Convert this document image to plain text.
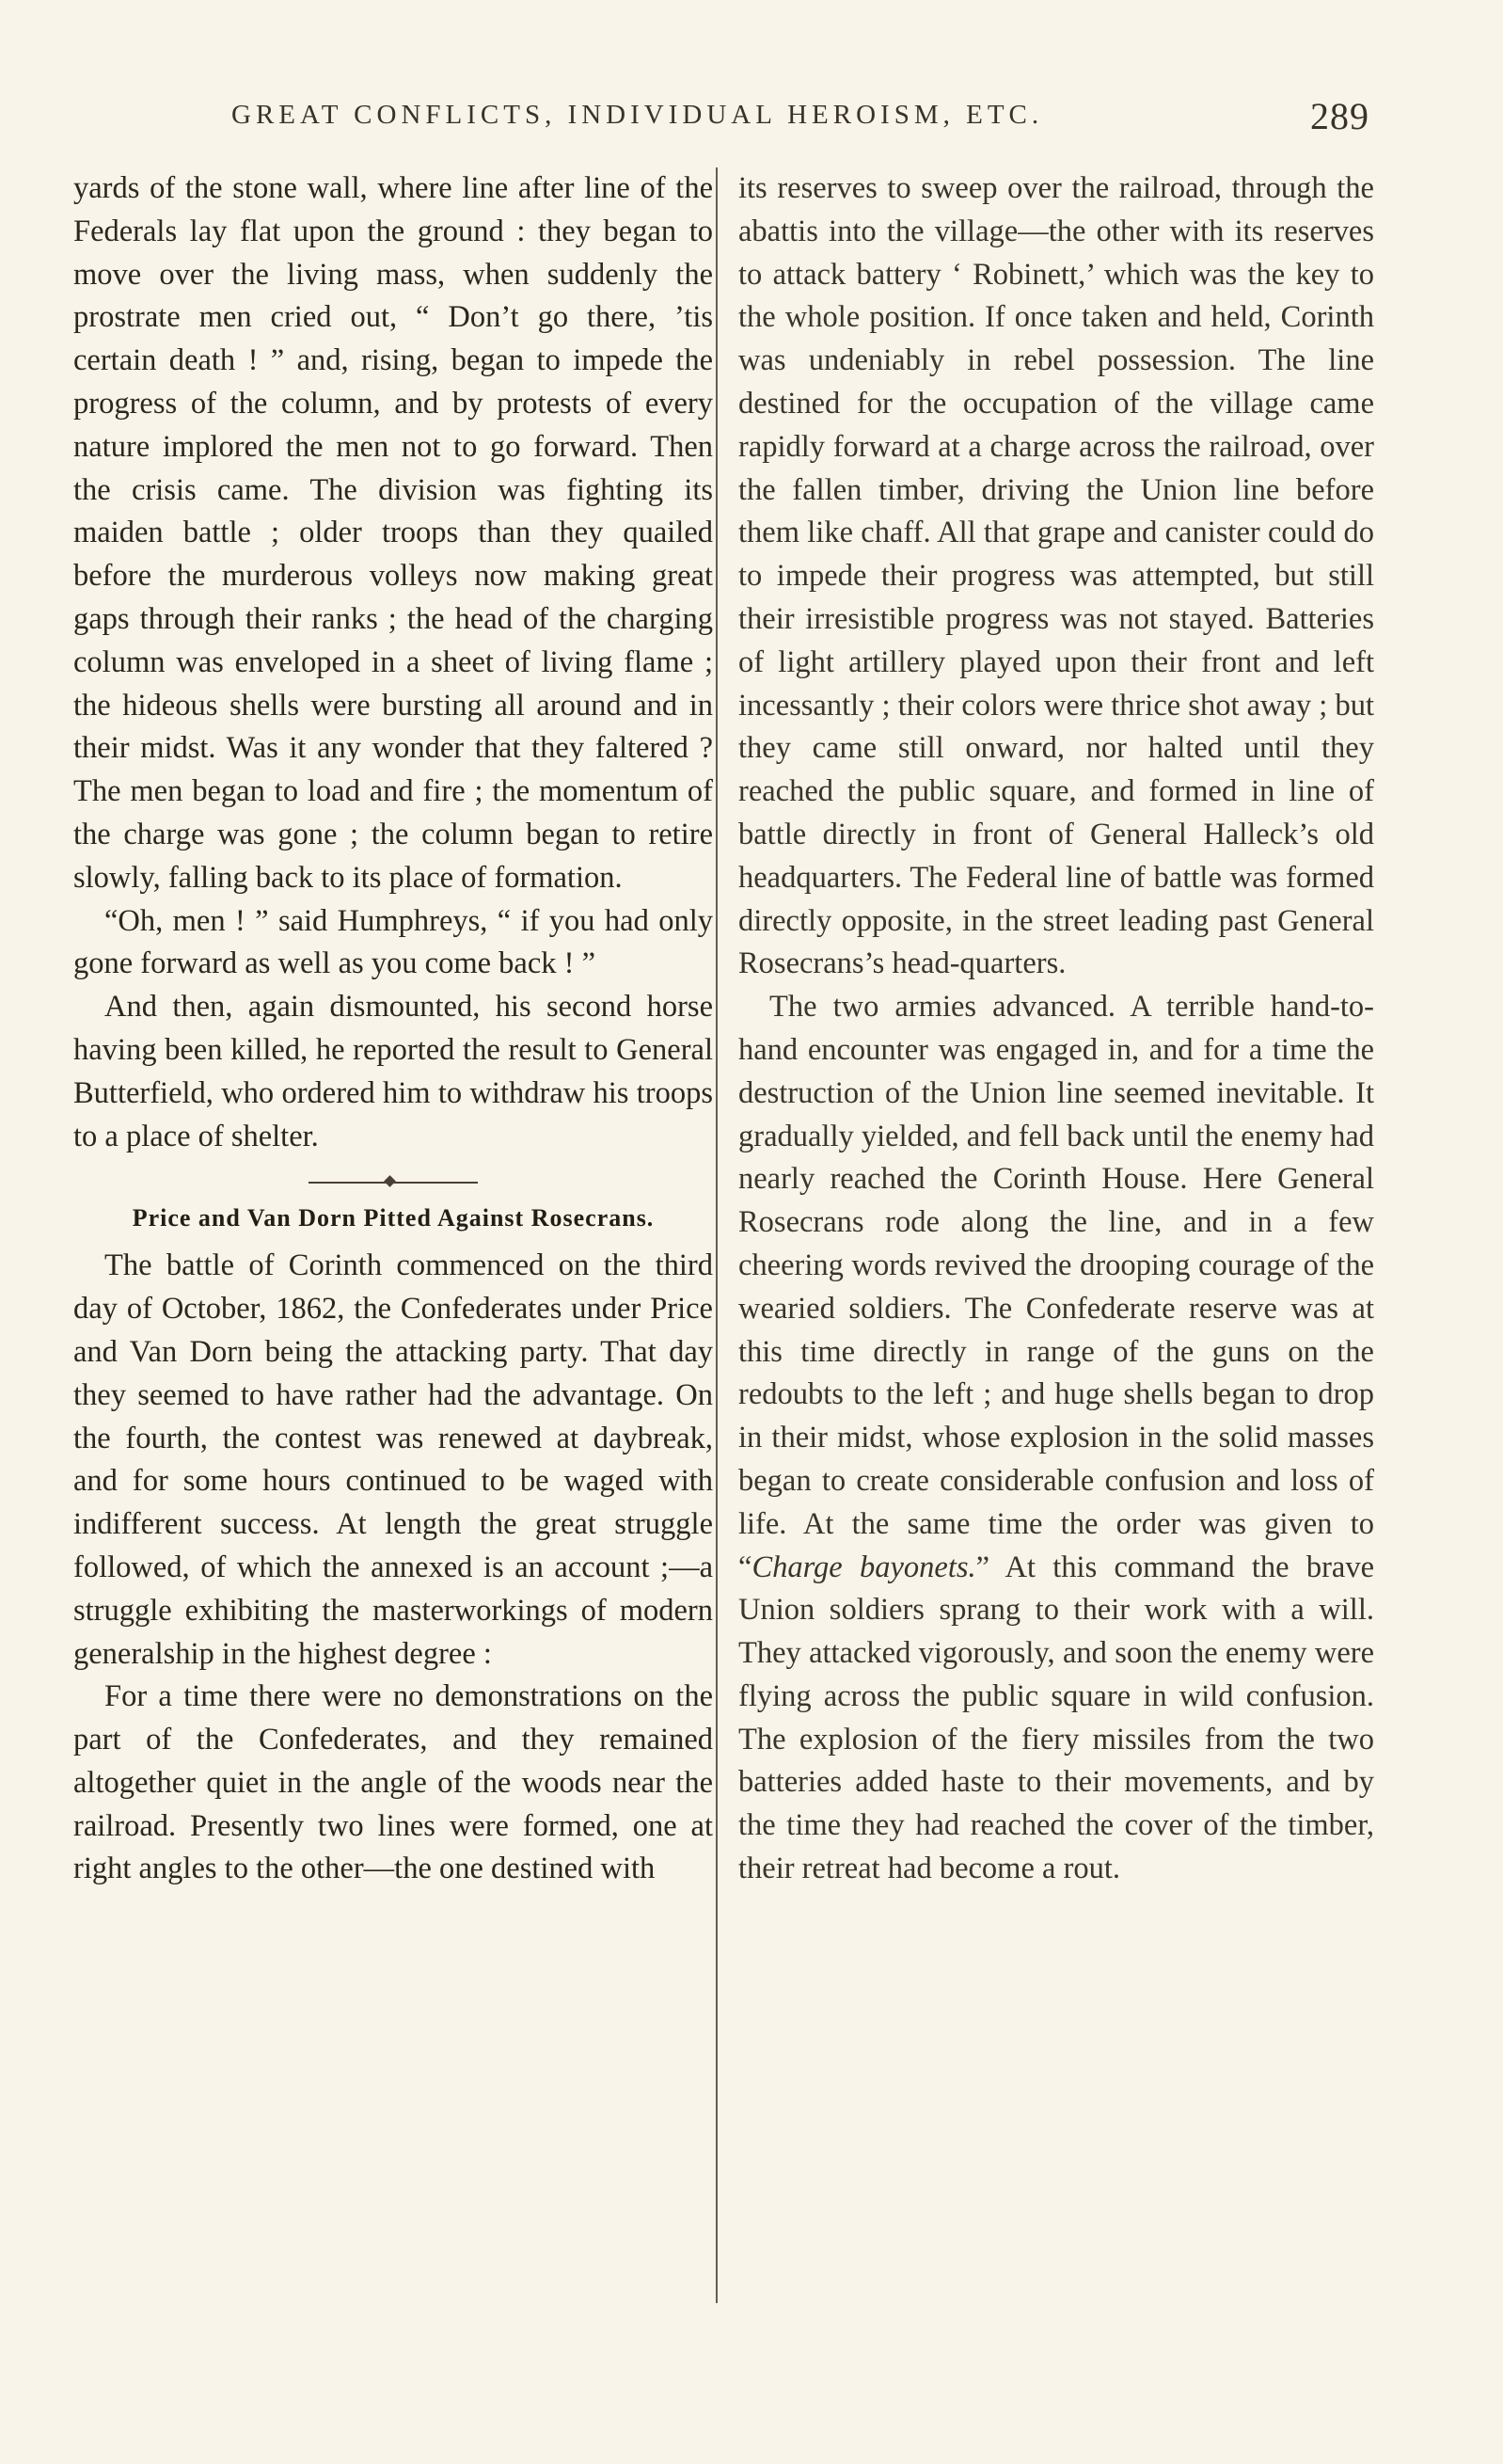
GREAT CONFLICTS, INDIVIDUAL HEROISM, ETC.	289

yards of the stone wall, where line after line of the Federals lay flat upon the ground : they began to move over the living mass, when suddenly the prostrate men cried out, “ Don’t go there, ’tis certain death ! ” and, rising, began to impede the progress of the column, and by protests of every nature implored the men not to go forward. Then the crisis came. The division was fighting its maiden battle ; older troops than they quailed before the murderous volleys now making great gaps through their ranks ; the head of the charging column was enveloped in a sheet of living flame ; the hideous shells were bursting all around and in their midst. Was it any wonder that they faltered ? The men began to load and fire ; the momentum of the charge was gone ; the column began to retire slowly, falling back to its place of formation.

“Oh, men ! ” said Humphreys, “ if you had only gone forward as well as you come back ! ”

And then, again dismounted, his second horse having been killed, he reported the result to General Butterfield, who ordered him to withdraw his troops to a place of shelter.

Price and Van Dorn Pitted Against Rosecrans.

The battle of Corinth commenced on the third day of October, 1862, the Confederates under Price and Van Dorn being the attacking party. That day they seemed to have rather had the advantage. On the fourth, the contest was renewed at daybreak, and for some hours continued to be waged with indifferent success. At length the great struggle followed, of which the annexed is an account ;—a struggle exhibiting the masterworkings of modern generalship in the highest degree :

For a time there were no demonstrations on the part of the Confederates, and they remained altogether quiet in the angle of the woods near the railroad. Presently two lines were formed, one at right angles to the other—the one destined with

its reserves to sweep over the railroad, through the abattis into the village—the other with its reserves to attack battery ‘ Robinett,’ which was the key to the whole position. If once taken and held, Corinth was undeniably in rebel possession. The line destined for the occupation of the village came rapidly forward at a charge across the railroad, over the fallen timber, driving the Union line before them like chaff. All that grape and canister could do to impede their progress was attempted, but still their irresistible progress was not stayed. Batteries of light artillery played upon their front and left incessantly ; their colors were thrice shot away ; but they came still onward, nor halted until they reached the public square, and formed in line of battle directly in front of General Halleck’s old headquarters. The Federal line of battle was formed directly opposite, in the street leading past General Rosecrans’s head-quarters.

The two armies advanced. A terrible hand-to-hand encounter was engaged in, and for a time the destruction of the Union line seemed inevitable. It gradually yielded, and fell back until the enemy had nearly reached the Corinth House. Here General Rosecrans rode along the line, and in a few cheering words revived the drooping courage of the wearied soldiers. The Confederate reserve was at this time directly in range of the guns on the redoubts to the left ; and huge shells began to drop in their midst, whose explosion in the solid masses began to create considerable confusion and loss of life. At the same time the order was given to “Charge bayonets.” At this command the brave Union soldiers sprang to their work with a will. They attacked vigorously, and soon the enemy were flying across the public square in wild confusion. The explosion of the fiery missiles from the two batteries added haste to their movements, and by the time they had reached the cover of the timber, their retreat had become a rout.
